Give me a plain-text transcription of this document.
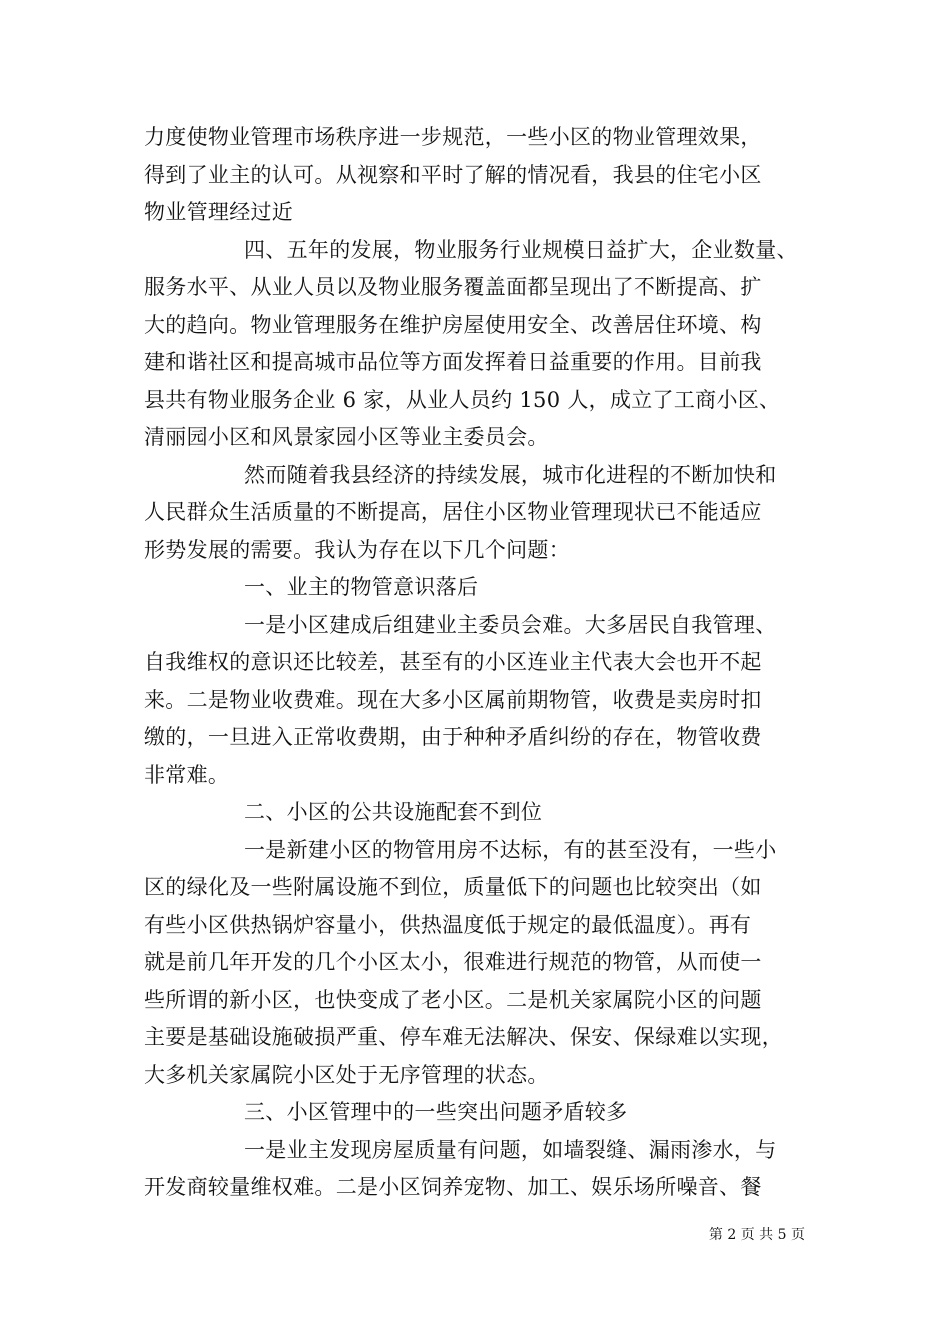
力度使物业管理市场秩序进一步规范，一些小区的物业管理效果，
得到了业主的认可。从视察和平时了解的情况看，我县的住宅小区
物业管理经过近
四、五年的发展，物业服务行业规模日益扩大，企业数量、
服务水平、从业人员以及物业服务覆盖面都呈现出了不断提高、扩
大的趋向。物业管理服务在维护房屋使用安全、改善居住环境、构
建和谐社区和提高城市品位等方面发挥着日益重要的作用。目前我
县共有物业服务企业 6 家，从业人员约 150 人，成立了工商小区、
清丽园小区和风景家园小区等业主委员会。
然而随着我县经济的持续发展，城市化进程的不断加快和
人民群众生活质量的不断提高，居住小区物业管理现状已不能适应
形势发展的需要。我认为存在以下几个问题：
一、业主的物管意识落后
一是小区建成后组建业主委员会难。大多居民自我管理、
自我维权的意识还比较差，甚至有的小区连业主代表大会也开不起
来。二是物业收费难。现在大多小区属前期物管，收费是卖房时扣
缴的，一旦进入正常收费期，由于种种矛盾纠纷的存在，物管收费
非常难。
二、小区的公共设施配套不到位
一是新建小区的物管用房不达标，有的甚至没有，一些小
区的绿化及一些附属设施不到位，质量低下的问题也比较突出（如
有些小区供热锅炉容量小，供热温度低于规定的最低温度）。再有
就是前几年开发的几个小区太小，很难进行规范的物管，从而使一
些所谓的新小区，也快变成了老小区。二是机关家属院小区的问题
主要是基础设施破损严重、停车难无法解决、保安、保绿难以实现，
大多机关家属院小区处于无序管理的状态。
三、小区管理中的一些突出问题矛盾较多
一是业主发现房屋质量有问题，如墙裂缝、漏雨渗水，与
开发商较量维权难。二是小区饲养宠物、加工、娱乐场所噪音、餐
第 2 页 共 5 页
